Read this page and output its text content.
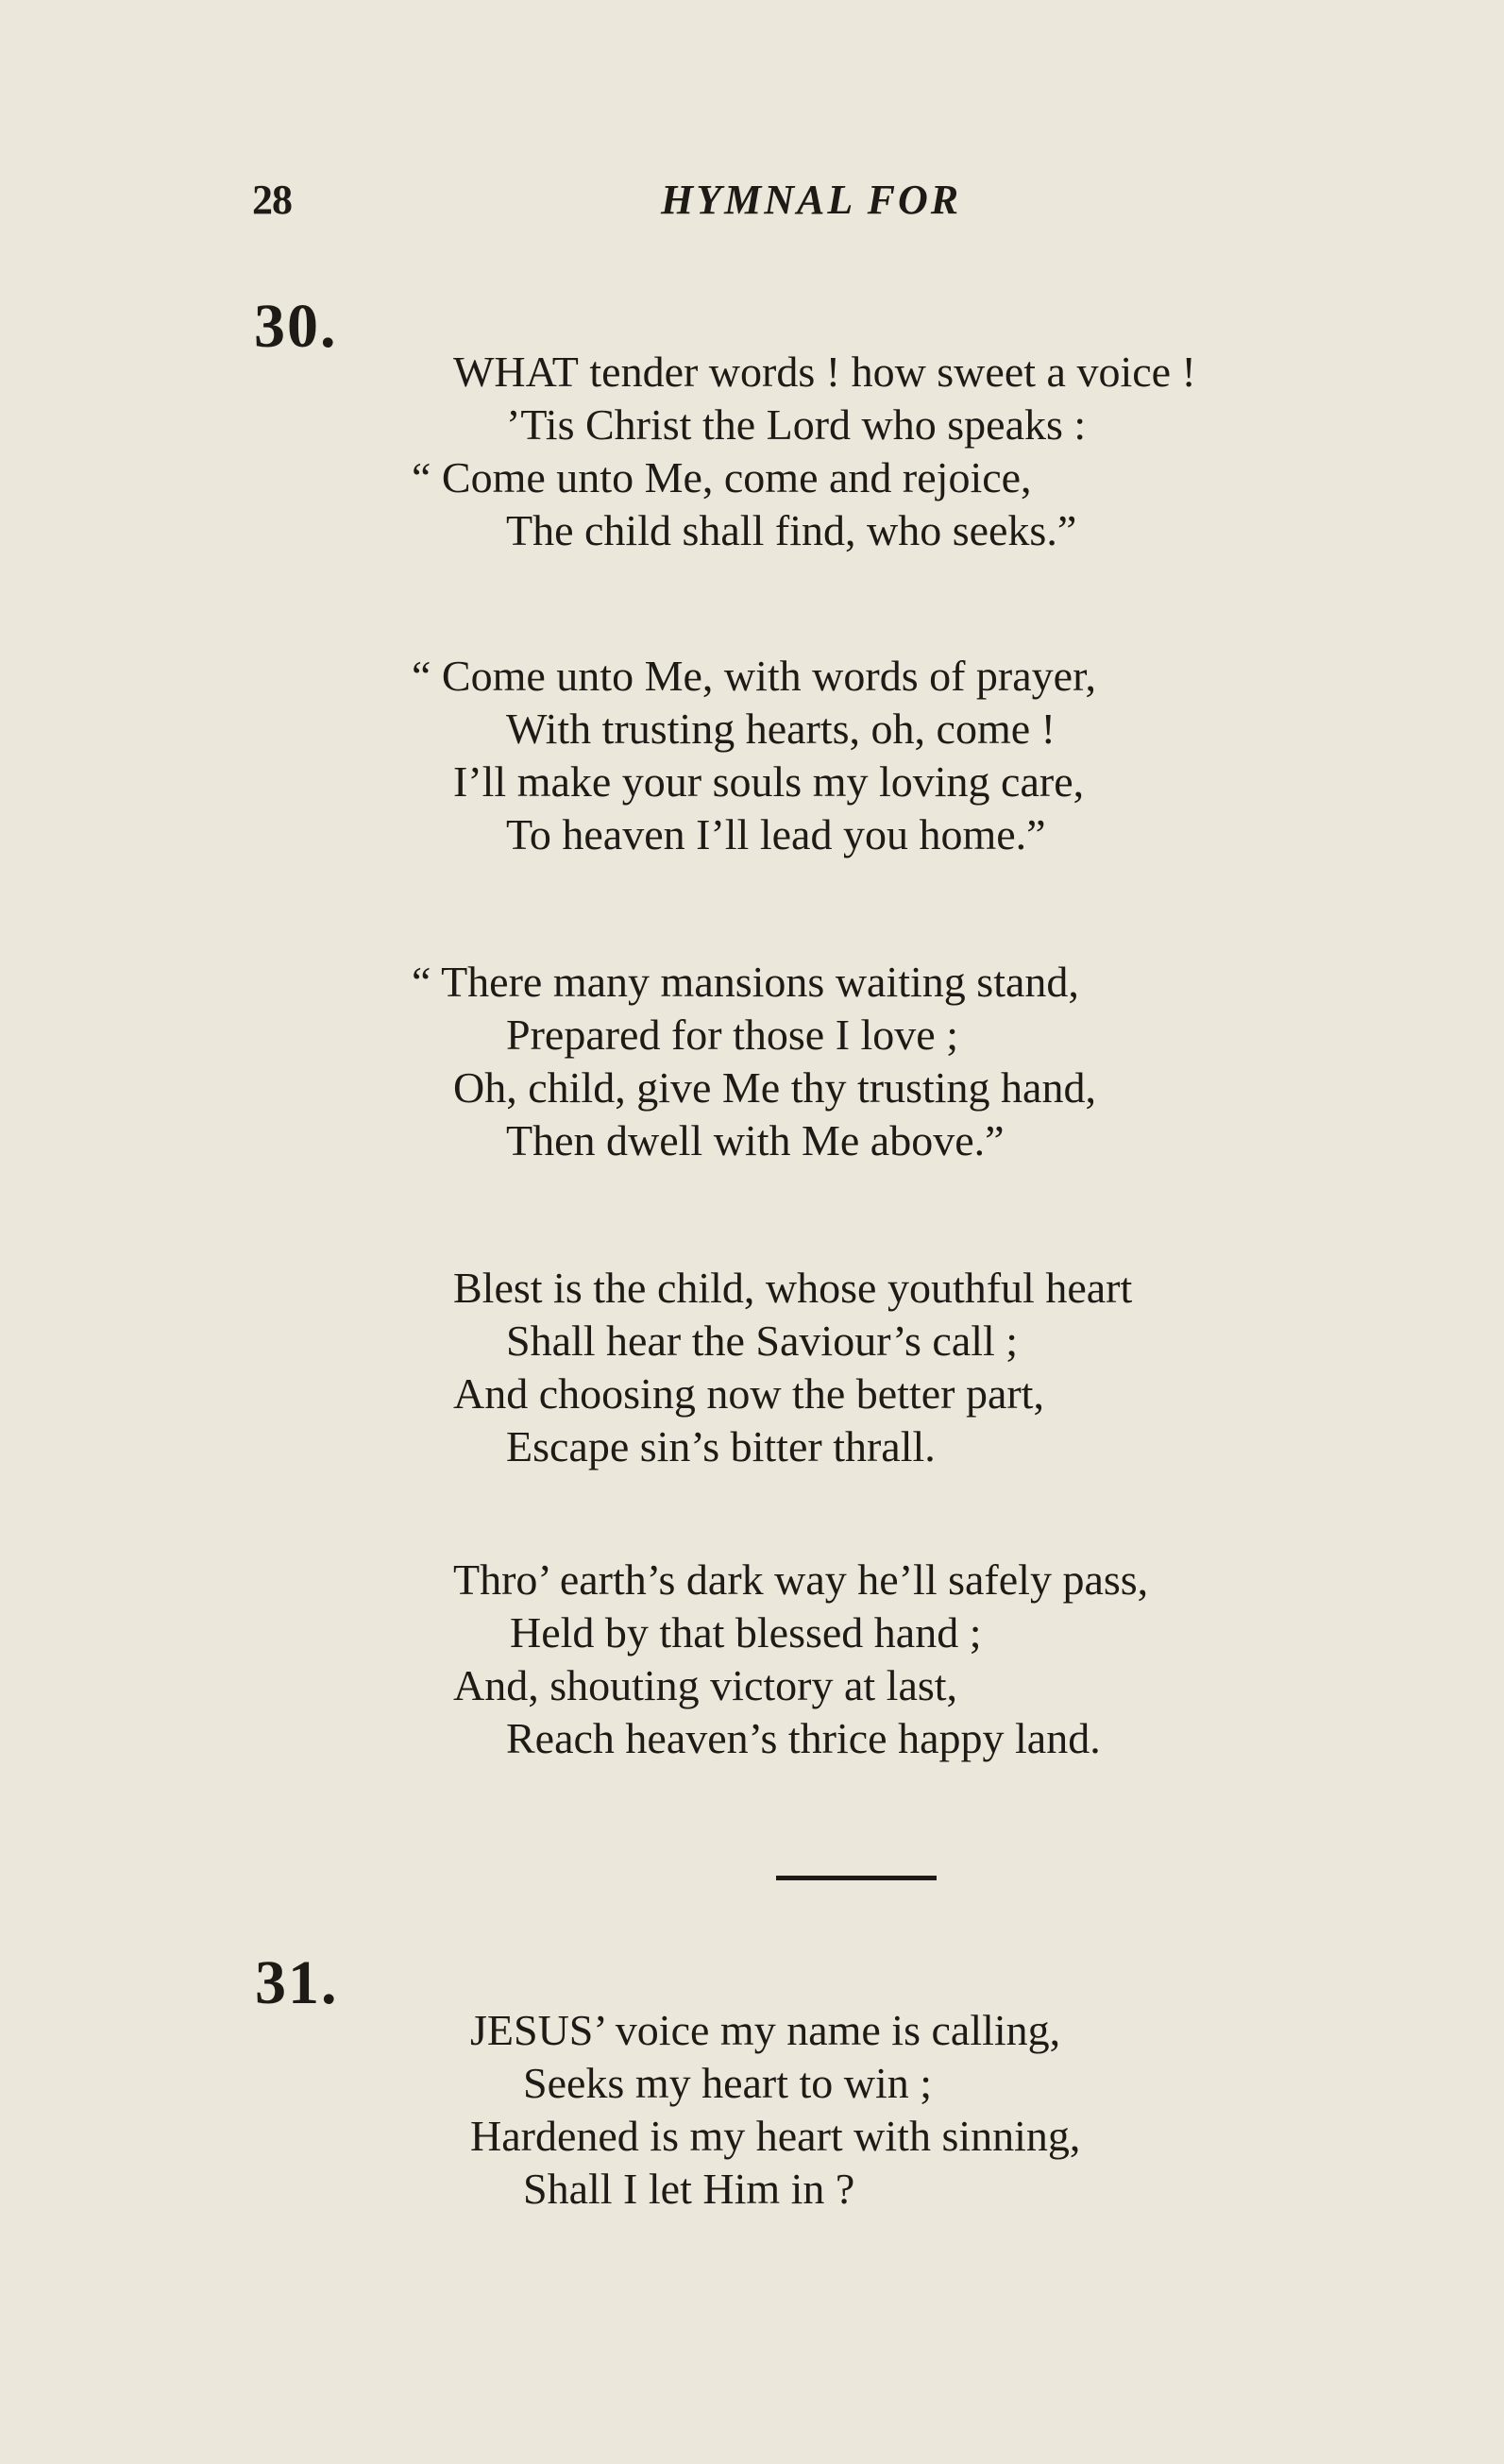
28	HYMNAL FOR
30.
WHAT tender words ! how sweet a voice !
’Tis Christ the Lord who speaks :
“ Come unto Me, come and rejoice,
The child shall find, who seeks.”
“ Come unto Me, with words of prayer,
With trusting hearts, oh, come !
I’ll make your souls my loving care,
To heaven I’ll lead you home.”
“ There many mansions waiting stand,
Prepared for those I love ;
Oh, child, give Me thy trusting hand,
Then dwell with Me above.”
Blest is the child, whose youthful heart
Shall hear the Saviour’s call ;
And choosing now the better part,
Escape sin’s bitter thrall.
Thro’ earth’s dark way he’ll safely pass,
Held by that blessed hand ;
And, shouting victory at last,
Reach heaven’s thrice happy land.
31.
JESUS’ voice my name is calling,
Seeks my heart to win ;
Hardened is my heart with sinning,
Shall I let Him in ?
